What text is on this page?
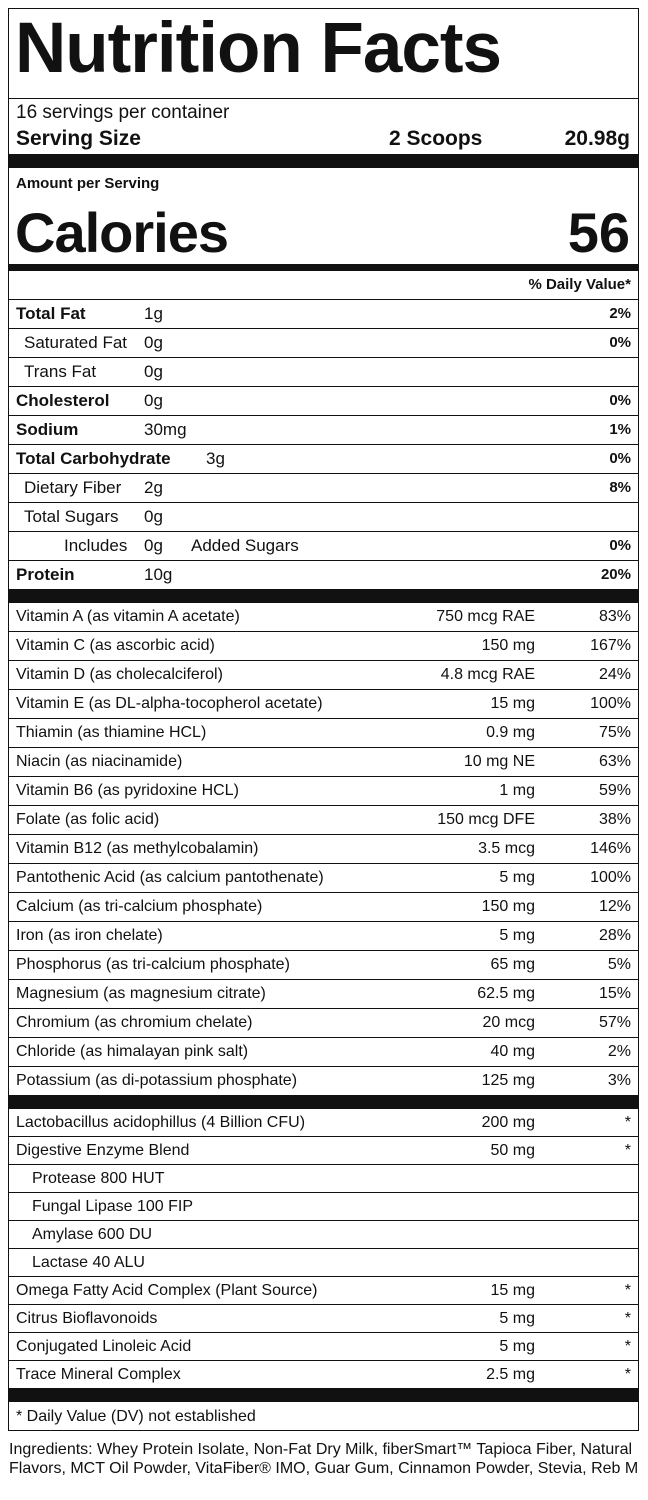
Nutrition Facts
16 servings per container
Serving Size	2 Scoops	20.98g
Amount per Serving
Calories	56
% Daily Value*
Total Fat	1g	2%
Saturated Fat 0g	0%
Trans Fat	0g
Cholesterol 0g	0%
Sodium	30mg	1%
Total Carbohydrate 3g	0%
Dietary Fiber 2g	8%
Total Sugars 0g
Includes 0g Added Sugars	0%
Protein	10g	20%
Vitamin A (as vitamin A acetate)	750 mcg RAE	83%
Vitamin C (as ascorbic acid)	150 mg	167%
Vitamin D (as cholecalciferol)	4.8 mcg RAE	24%
Vitamin E (as DL-alpha-tocopherol acetate)	15 mg	100%
Thiamin (as thiamine HCL)	0.9 mg	75%
Niacin (as niacinamide)	10 mg NE	63%
Vitamin B6 (as pyridoxine HCL)	1 mg	59%
Folate (as folic acid)	150 mcg DFE	38%
Vitamin B12 (as methylcobalamin)	3.5 mcg	146%
Pantothenic Acid (as calcium pantothenate)	5 mg	100%
Calcium (as tri-calcium phosphate)	150 mg	12%
Iron (as iron chelate)	5 mg	28%
Phosphorus (as tri-calcium phosphate)	65 mg	5%
Magnesium (as magnesium citrate)	62.5 mg	15%
Chromium (as chromium chelate)	20 mcg	57%
Chloride (as himalayan pink salt)	40 mg	2%
Potassium (as di-potassium phosphate)	125 mg	3%
Lactobacillus acidophillus (4 Billion CFU)	200 mg	*
Digestive Enzyme Blend	50 mg	*
Protease 800 HUT
Fungal Lipase 100 FIP
Amylase 600 DU
Lactase 40 ALU
Omega Fatty Acid Complex (Plant Source)	15 mg	*
Citrus Bioflavonoids	5 mg	*
Conjugated Linoleic Acid	5 mg	*
Trace Mineral Complex	2.5 mg	*
* Daily Value (DV) not established
Ingredients: Whey Protein Isolate, Non-Fat Dry Milk, fiberSmart™ Tapioca Fiber, Natural Flavors, MCT Oil Powder, VitaFiber® IMO, Guar Gum, Cinnamon Powder, Stevia, Reb M
